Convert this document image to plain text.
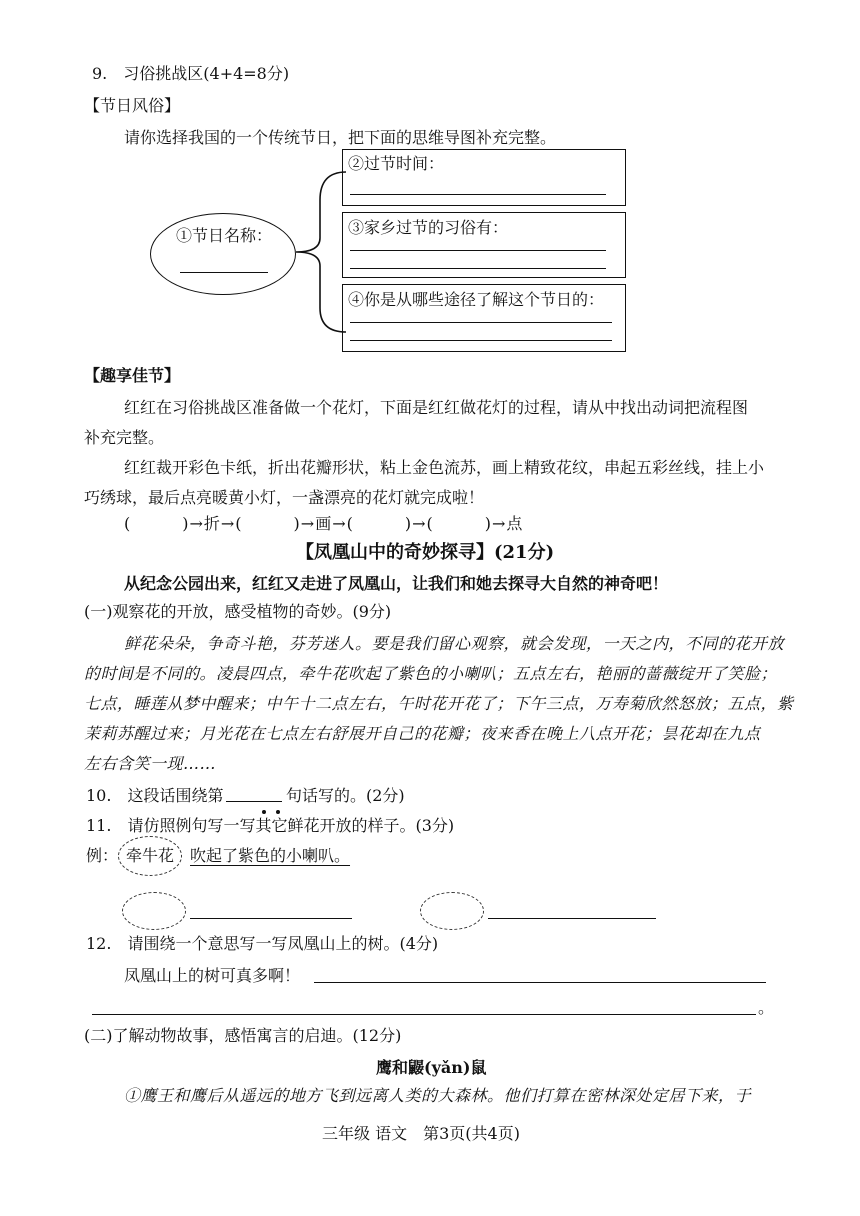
9.　习俗挑战区(4+4=8分)
【节日风俗】
请你选择我国的一个传统节日，把下面的思维导图补充完整。
①节日名称：
②过节时间：
③家乡过节的习俗有：
④你是从哪些途径了解这个节日的：
【趣享佳节】
红红在习俗挑战区准备做一个花灯，下面是红红做花灯的过程，请从中找出动词把流程图
补充完整。
红红裁开彩色卡纸，折出花瓣形状，粘上金色流苏，画上精致花纹，串起五彩丝线，挂上小
巧绣球，最后点亮暖黄小灯，一盏漂亮的花灯就完成啦！
(　　　)→折→(　　　)→画→(　　　)→(　　　)→点
【凤凰山中的奇妙探寻】(21分)
从纪念公园出来，红红又走进了凤凰山，让我们和她去探寻大自然的神奇吧！
(一)观察花的开放，感受植物的奇妙。(9分)
鲜花朵朵，争奇斗艳，芬芳迷人。要是我们留心观察，就会发现，一天之内，不同的花开放
的时间是不同的。凌晨四点，牵牛花吹起了紫色的小喇叭；五点左右，艳丽的蔷薇绽开了笑脸；
七点，睡莲从梦中醒来；中午十二点左右，午时花开花了；下午三点，万寿菊欣然怒放；五点，紫
茉莉苏醒过来；月光花在七点左右舒展开自己的花瓣；夜来香在晚上八点开花；昙花却在九点
左右含笑一现……
10.　这段话围绕第	句话写的。(2分)
11.　请仿照例句写一写其它鲜花开放的样子。(3分)
例： 牵牛花 吹起了紫色的小喇叭。
12.　请围绕一个意思写一写凤凰山上的树。(4分)
凤凰山上的树可真多啊！
。
(二)了解动物故事，感悟寓言的启迪。(12分)
鹰和鼹(yǎn)鼠
①鹰王和鹰后从遥远的地方飞到远离人类的大森林。他们打算在密林深处定居下来，于
三年级 语文　第3页(共4页)
